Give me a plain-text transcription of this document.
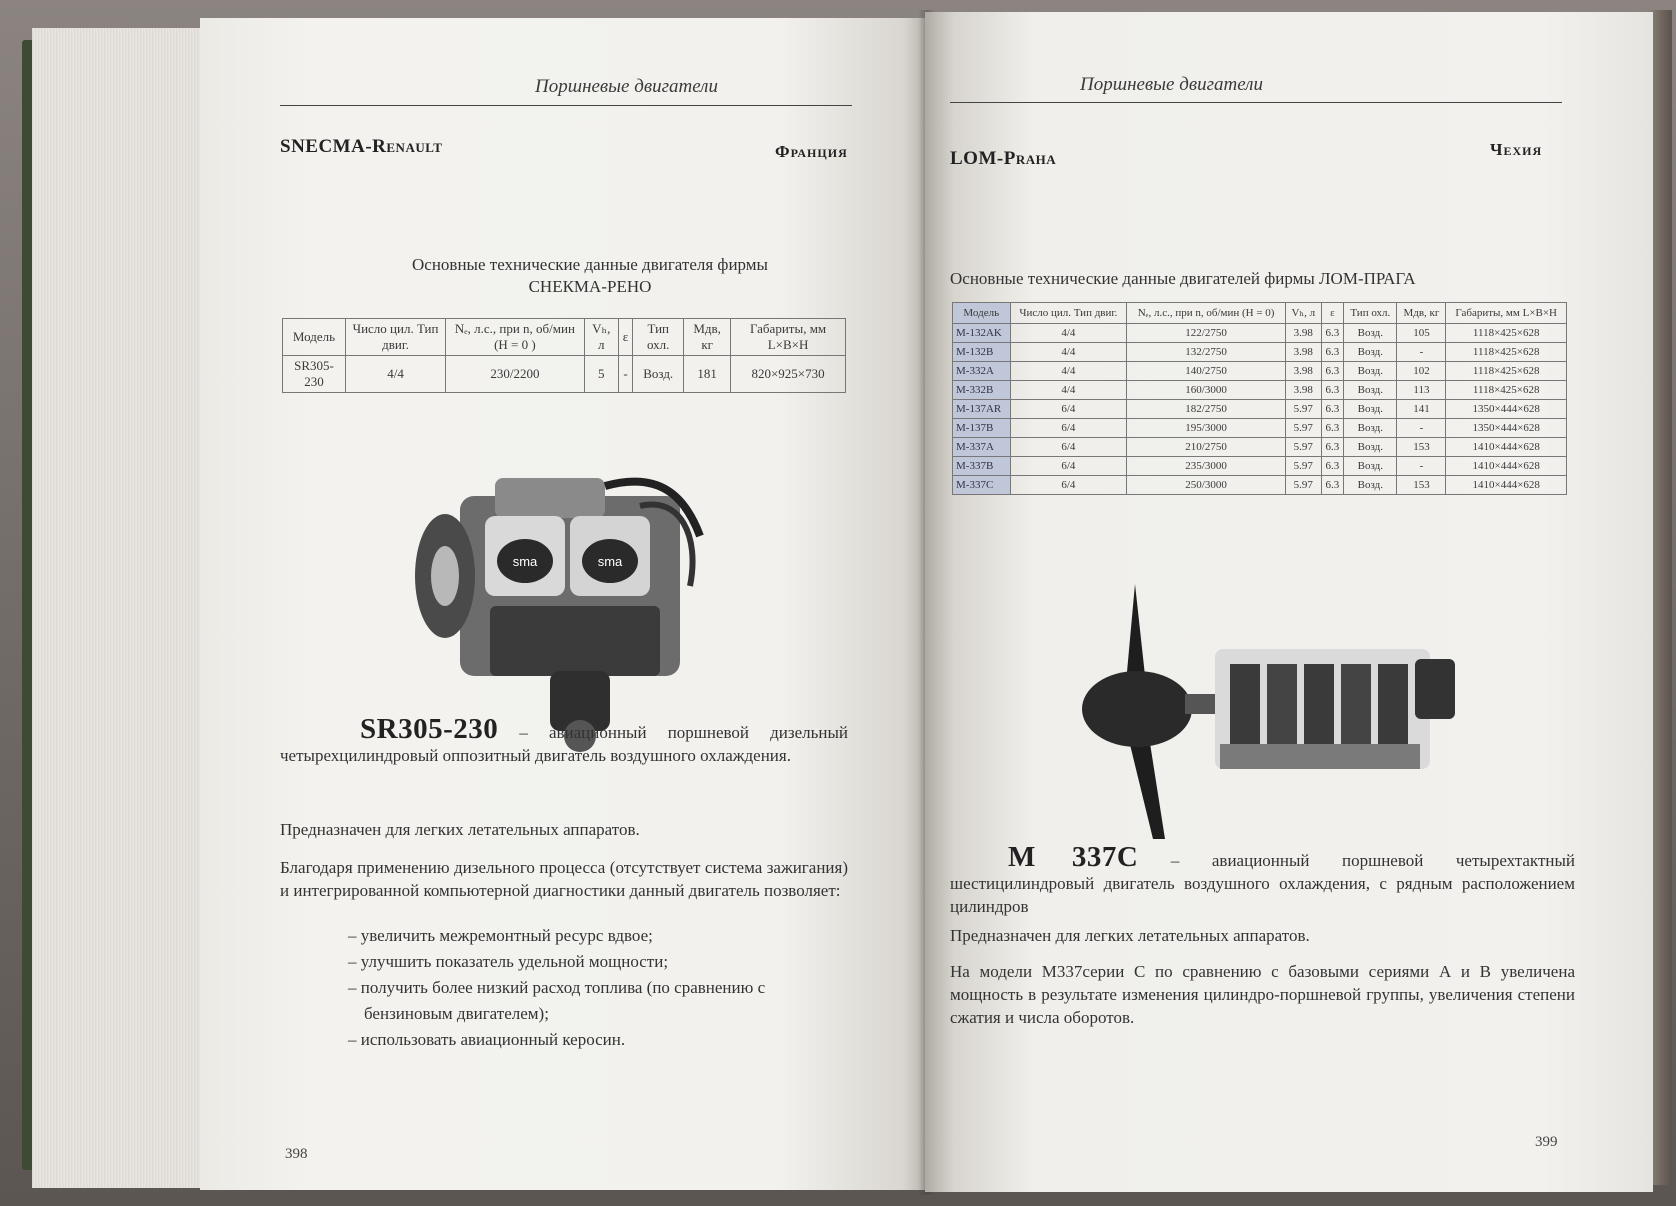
Поршневые двигатели
SNECMA-Renault	Франция
Основные технические данные двигателя фирмы
СНЕКМА-РЕНО
Модель	Число цил. Тип двиг.	Nₑ, л.с., при n, об/мин (H = 0 )	Vₕ, л	ε	Тип охл.	Mдв, кг	Габариты, мм L×B×H
SR305-230	4/4	230/2200	5	-	Возд.	181	820×925×730
sma	sma
SR305-230 – авиационный поршневой дизельный четырехцилиндровый оппозитный двигатель воздушного охлаждения.
Предназначен для легких летательных аппаратов.
Благодаря применению дизельного процесса (отсутствует система зажигания) и интегрированной компьютерной диагностики данный двигатель позволяет:
– увеличить межремонтный ресурс вдвое;
– улучшить показатель удельной мощности;
– получить более низкий расход топлива (по сравнению с
бензиновым двигателем);
– использовать авиационный керосин.
398
Поршневые двигатели
LOM-Praha	Чехия
Основные технические данные двигателей фирмы ЛОМ-ПРАГА
Модель	Число цил. Тип двиг.	Nₑ, л.с., при n, об/мин (H = 0)	Vₕ, л	ε	Тип охл.	Mдв, кг	Габариты, мм L×B×H
M-132AK	4/4	122/2750	3.98	6.3	Возд.	105	1118×425×628
M-132B	4/4	132/2750	3.98	6.3	Возд.	-	1118×425×628
M-332A	4/4	140/2750	3.98	6.3	Возд.	102	1118×425×628
M-332B	4/4	160/3000	3.98	6.3	Возд.	113	1118×425×628
M-137AR	6/4	182/2750	5.97	6.3	Возд.	141	1350×444×628
M-137B	6/4	195/3000	5.97	6.3	Возд.	-	1350×444×628
M-337A	6/4	210/2750	5.97	6.3	Возд.	153	1410×444×628
M-337B	6/4	235/3000	5.97	6.3	Возд.	-	1410×444×628
M-337C	6/4	250/3000	5.97	6.3	Возд.	153	1410×444×628
M 337C – авиационный поршневой четырехтактный шестицилиндровый двигатель воздушного охлаждения, с рядным расположением цилиндров
Предназначен для легких летательных аппаратов.
На модели М337серии С по сравнению с базовыми сериями А и В увеличена мощность в результате изменения цилиндро-поршневой группы, увеличения степени сжатия и числа оборотов.
399
